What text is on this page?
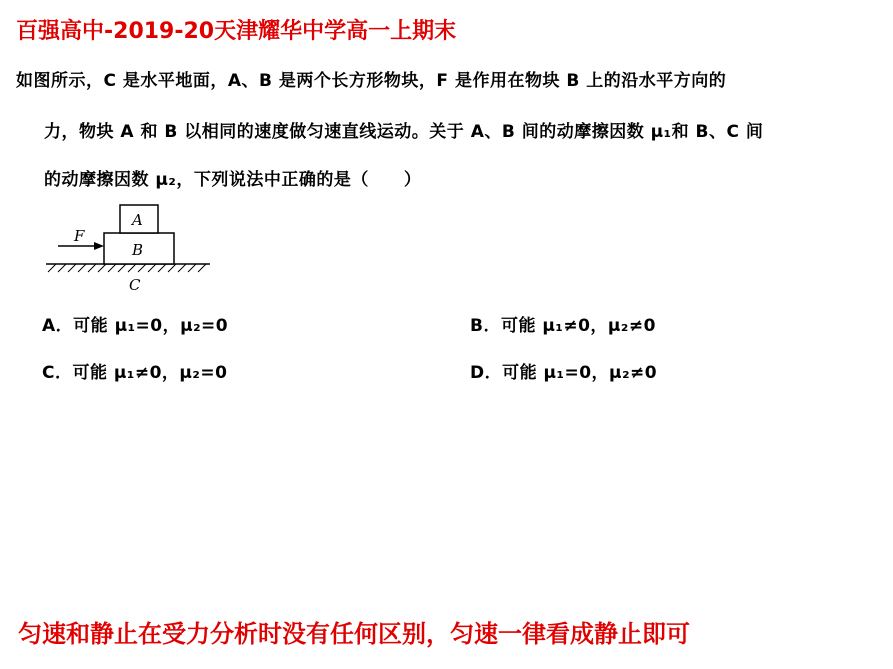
百强高中-2019-20天津耀华中学高一上期末
如图所示，C 是水平地面，A、B 是两个长方形物块，F 是作用在物块 B 上的沿水平方向的
力，物块 A 和 B 以相同的速度做匀速直线运动。关于 A、B 间的动摩擦因数 μ₁和 B、C 间
的动摩擦因数 μ₂，下列说法中正确的是（　　）
A
B
C
F
A．可能 μ₁=0，μ₂=0	B．可能 μ₁≠0，μ₂≠0
C．可能 μ₁≠0，μ₂=0	D．可能 μ₁=0，μ₂≠0
匀速和静止在受力分析时没有任何区别，匀速一律看成静止即可
